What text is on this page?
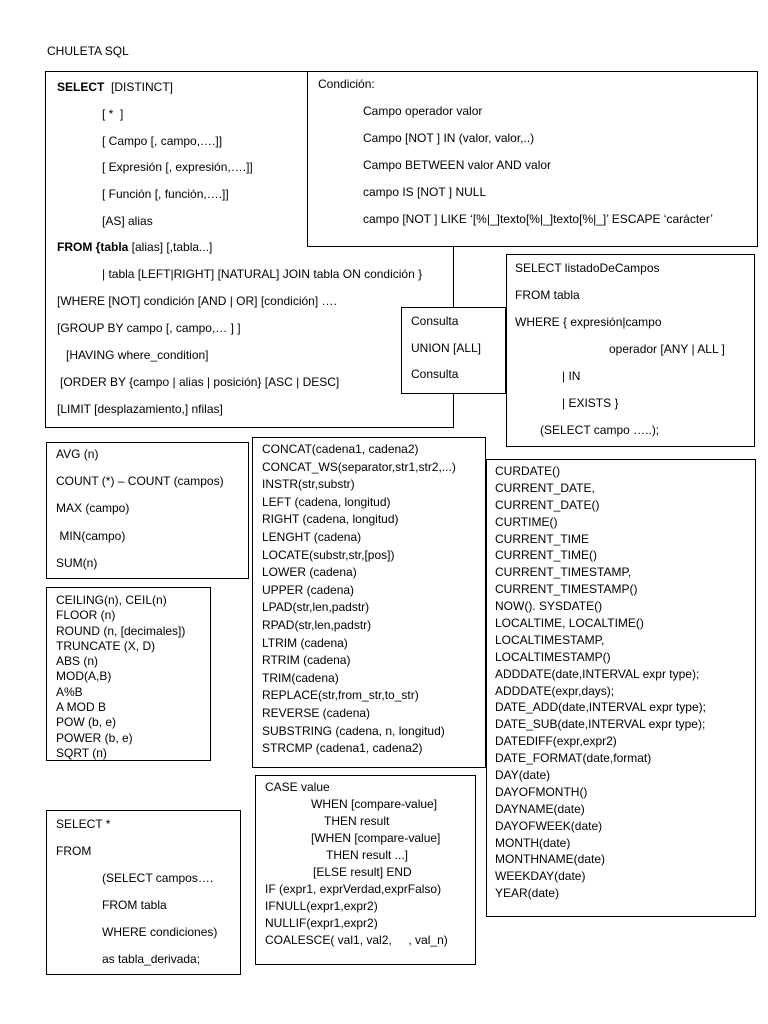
CHULETA SQL
SELECT  [DISTINCT]
[ *  ]
[ Campo [, campo,….]]
[ Expresión [, expresión,….]]
[ Función [, función,….]]
[AS] alias
FROM {tabla [alias] [,tabla...]
| tabla [LEFT|RIGHT] [NATURAL] JOIN tabla ON condición }
[WHERE [NOT] condición [AND | OR] [condición] ….
[GROUP BY campo [, campo,… ] ]
[HAVING where_condition]
[ORDER BY {campo | alias | posición} [ASC | DESC]
[LIMIT [desplazamiento,] nfilas]
Condición:
Campo operador valor
Campo [NOT ] IN (valor, valor,..)
Campo BETWEEN valor AND valor
campo IS [NOT ] NULL
campo [NOT ] LIKE ‘[%|_]texto[%|_]texto[%|_]’ ESCAPE ‘carácter’
SELECT listadoDeCampos
FROM tabla
WHERE { expresión|campo
operador [ANY | ALL ]
| IN
| EXISTS }
(SELECT campo …..);
Consulta
UNION [ALL]
Consulta
AVG (n)
COUNT (*) – COUNT (campos)
MAX (campo)
MIN(campo)
SUM(n)
CONCAT(cadena1, cadena2)
CONCAT_WS(separator,str1,str2,...)
INSTR(str,substr)
LEFT (cadena, longitud)
RIGHT (cadena, longitud)
LENGHT (cadena)
LOCATE(substr,str,[pos])
LOWER (cadena)
UPPER (cadena)
LPAD(str,len,padstr)
RPAD(str,len,padstr)
LTRIM (cadena)
RTRIM (cadena)
TRIM(cadena)
REPLACE(str,from_str,to_str)
REVERSE (cadena)
SUBSTRING (cadena, n, longitud)
STRCMP (cadena1, cadena2)
CURDATE()
CURRENT_DATE,
CURRENT_DATE()
CURTIME()
CURRENT_TIME
CURRENT_TIME()
CURRENT_TIMESTAMP,
CURRENT_TIMESTAMP()
NOW(). SYSDATE()
LOCALTIME, LOCALTIME()
LOCALTIMESTAMP,
LOCALTIMESTAMP()
ADDDATE(date,INTERVAL expr type);
ADDDATE(expr,days);
DATE_ADD(date,INTERVAL expr type);
DATE_SUB(date,INTERVAL expr type);
DATEDIFF(expr,expr2)
DATE_FORMAT(date,format)
DAY(date)
DAYOFMONTH()
DAYNAME(date)
DAYOFWEEK(date)
MONTH(date)
MONTHNAME(date)
WEEKDAY(date)
YEAR(date)
CEILING(n), CEIL(n)
FLOOR (n)
ROUND (n, [decimales])
TRUNCATE (X, D)
ABS (n)
MOD(A,B)
A%B
A MOD B
POW (b, e)
POWER (b, e)
SQRT (n)
CASE value
WHEN [compare-value]
THEN result
[WHEN [compare-value]
THEN result ...]
[ELSE result] END
IF (expr1, exprVerdad,exprFalso)
IFNULL(expr1,expr2)
NULLIF(expr1,expr2)
COALESCE( val1, val2,     , val_n)
SELECT *
FROM
(SELECT campos….
FROM tabla
WHERE condiciones)
as tabla_derivada;
